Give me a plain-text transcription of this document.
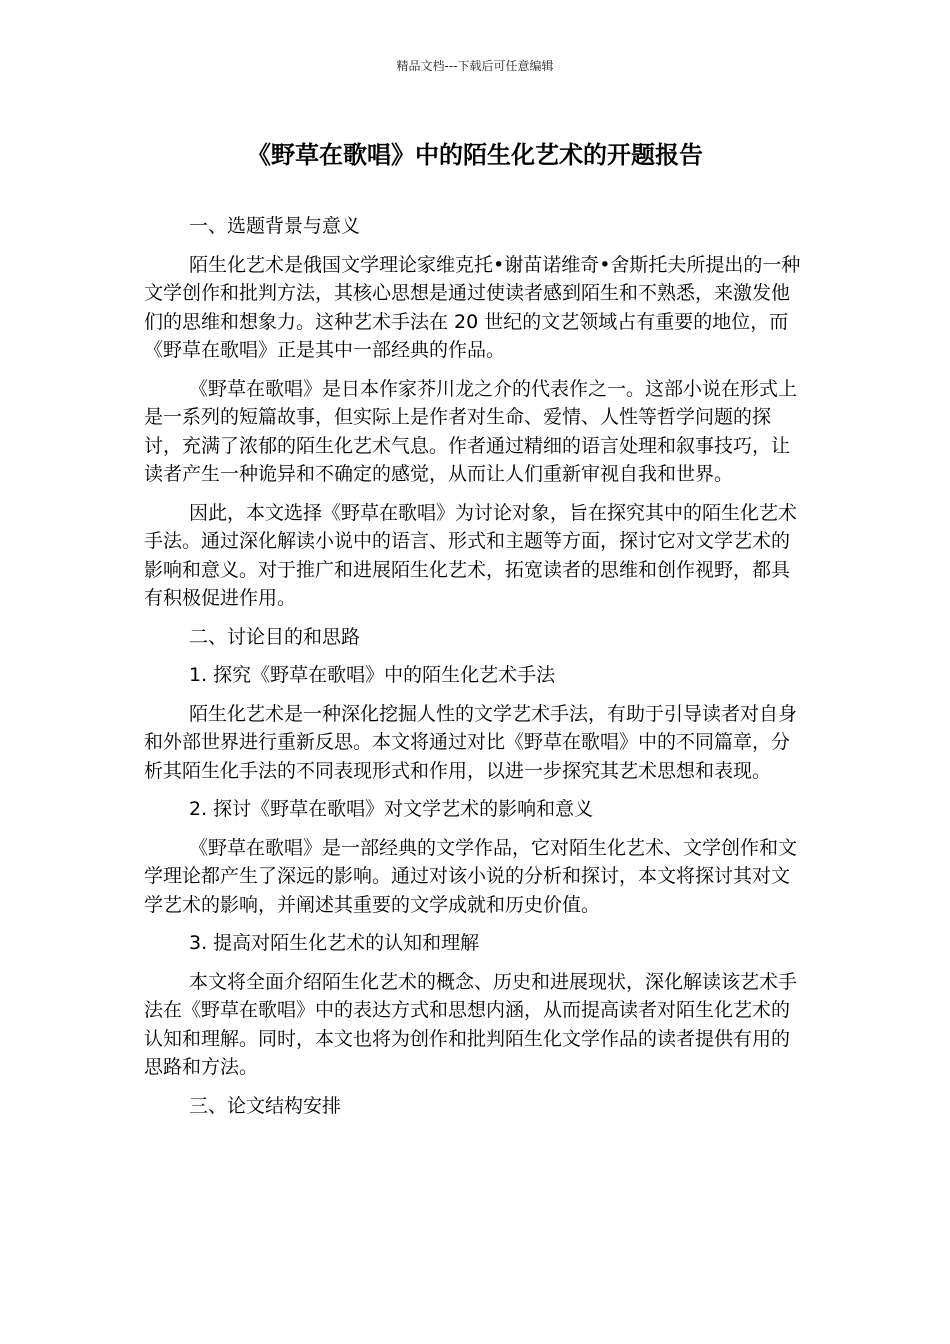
精品文档---下载后可任意编辑
《野草在歌唱》中的陌生化艺术的开题报告

一、选题背景与意义

陌生化艺术是俄国文学理论家维克托•谢苗诺维奇•舍斯托夫所提出的一种文学创作和批判方法，其核心思想是通过使读者感到陌生和不熟悉，来激发他们的思维和想象力。这种艺术手法在 20 世纪的文艺领域占有重要的地位，而《野草在歌唱》正是其中一部经典的作品。

《野草在歌唱》是日本作家芥川龙之介的代表作之一。这部小说在形式上是一系列的短篇故事，但实际上是作者对生命、爱情、人性等哲学问题的探讨，充满了浓郁的陌生化艺术气息。作者通过精细的语言处理和叙事技巧，让读者产生一种诡异和不确定的感觉，从而让人们重新审视自我和世界。

因此，本文选择《野草在歌唱》为讨论对象，旨在探究其中的陌生化艺术手法。通过深化解读小说中的语言、形式和主题等方面，探讨它对文学艺术的影响和意义。对于推广和进展陌生化艺术，拓宽读者的思维和创作视野，都具有积极促进作用。

二、讨论目的和思路

1. 探究《野草在歌唱》中的陌生化艺术手法

陌生化艺术是一种深化挖掘人性的文学艺术手法，有助于引导读者对自身和外部世界进行重新反思。本文将通过对比《野草在歌唱》中的不同篇章，分析其陌生化手法的不同表现形式和作用，以进一步探究其艺术思想和表现。

2. 探讨《野草在歌唱》对文学艺术的影响和意义

《野草在歌唱》是一部经典的文学作品，它对陌生化艺术、文学创作和文学理论都产生了深远的影响。通过对该小说的分析和探讨，本文将探讨其对文学艺术的影响，并阐述其重要的文学成就和历史价值。

3. 提高对陌生化艺术的认知和理解

本文将全面介绍陌生化艺术的概念、历史和进展现状，深化解读该艺术手法在《野草在歌唱》中的表达方式和思想内涵，从而提高读者对陌生化艺术的认知和理解。同时，本文也将为创作和批判陌生化文学作品的读者提供有用的思路和方法。

三、论文结构安排
